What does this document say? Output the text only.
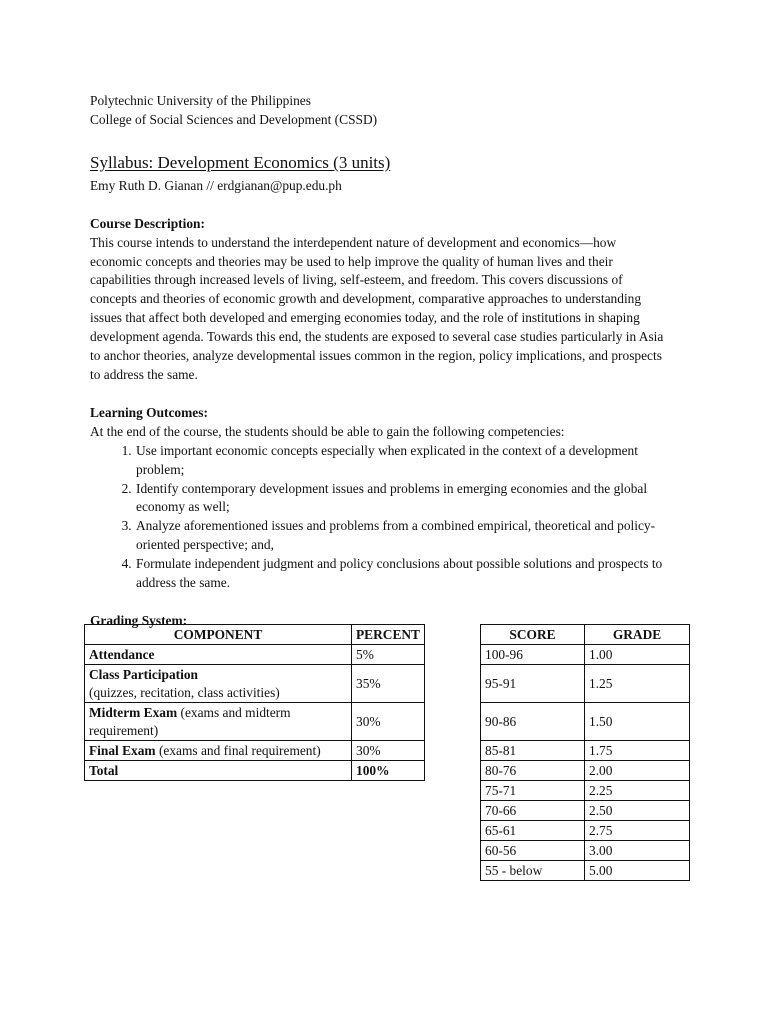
Polytechnic University of the Philippines
College of Social Sciences and Development (CSSD)
Syllabus: Development Economics (3 units)
Emy Ruth D. Gianan // erdgianan@pup.edu.ph
Course Description:

This course intends to understand the interdependent nature of development and economics—how economic concepts and theories may be used to help improve the quality of human lives and their capabilities through increased levels of living, self-esteem, and freedom. This covers discussions of concepts and theories of economic growth and development, comparative approaches to understanding issues that affect both developed and emerging economies today, and the role of institutions in shaping development agenda. Towards this end, the students are exposed to several case studies particularly in Asia to anchor theories, analyze developmental issues common in the region, policy implications, and prospects to address the same.

Learning Outcomes:
At the end of the course, the students should be able to gain the following competencies:
1. Use important economic concepts especially when explicated in the context of a development problem;
2. Identify contemporary development issues and problems in emerging economies and the global economy as well;
3. Analyze aforementioned issues and problems from a combined empirical, theoretical and policy-oriented perspective; and,
4. Formulate independent judgment and policy conclusions about possible solutions and prospects to address the same.
Grading System:
COMPONENT	PERCENT
Attendance	5%
Class Participation
(quizzes, recitation, class activities)	35%
Midterm Exam (exams and midterm requirement)	30%
Final Exam (exams and final requirement)	30%
Total	100%
SCORE	GRADE
100-96	1.00
95-91	1.25
90-86	1.50
85-81	1.75
80-76	2.00
75-71	2.25
70-66	2.50
65-61	2.75
60-56	3.00
55 - below	5.00
